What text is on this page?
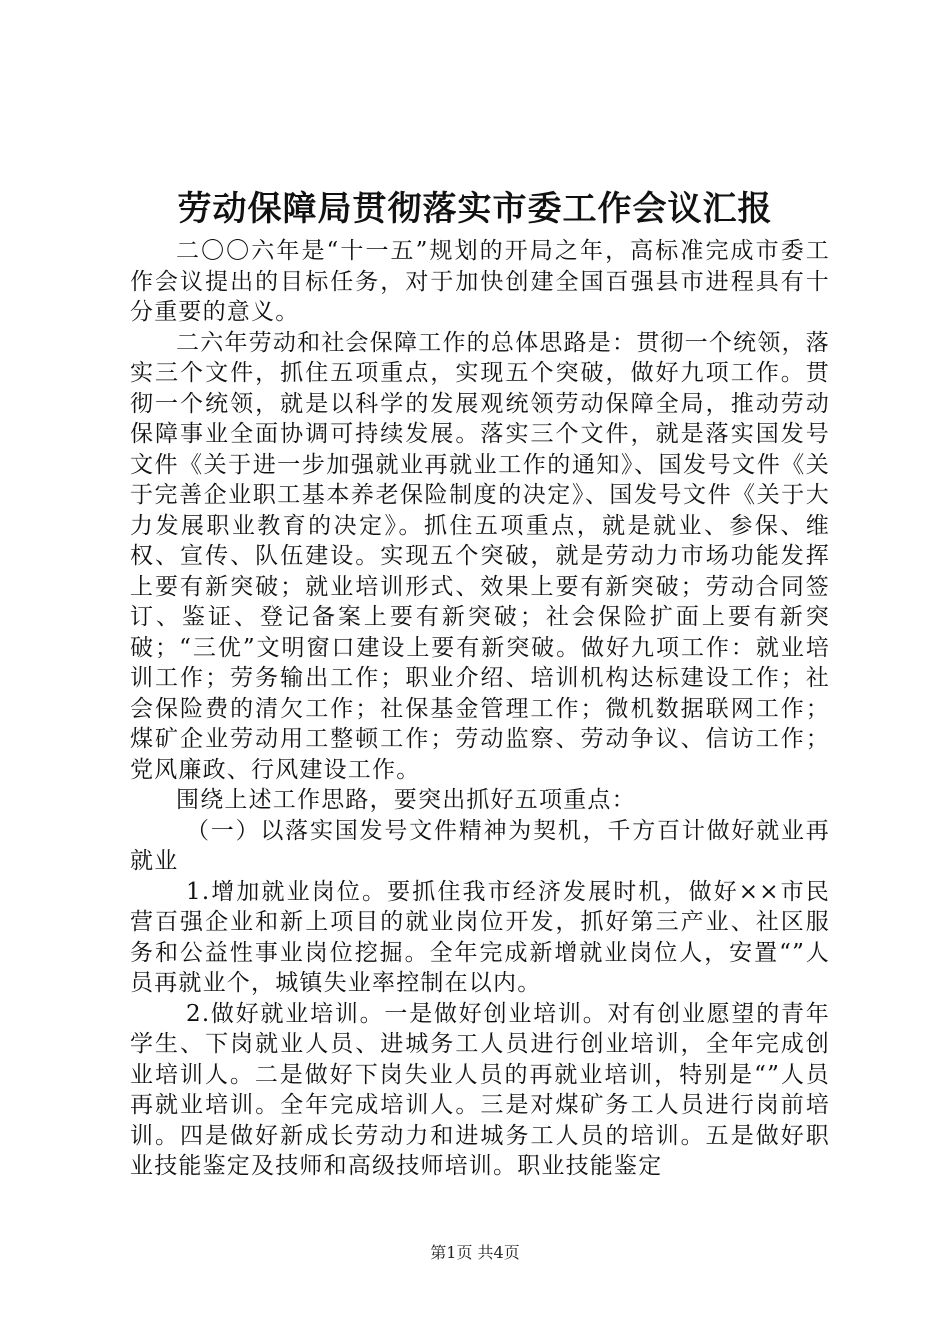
劳动保障局贯彻落实市委工作会议汇报

二〇〇六年是“十一五”规划的开局之年，高标准完成市委工作会议提出的目标任务，对于加快创建全国百强县市进程具有十分重要的意义。

二六年劳动和社会保障工作的总体思路是：贯彻一个统领，落实三个文件，抓住五项重点，实现五个突破，做好九项工作。贯彻一个统领，就是以科学的发展观统领劳动保障全局，推动劳动保障事业全面协调可持续发展。落实三个文件，就是落实国发号文件《关于进一步加强就业再就业工作的通知》、国发号文件《关于完善企业职工基本养老保险制度的决定》、国发号文件《关于大力发展职业教育的决定》。抓住五项重点，就是就业、参保、维权、宣传、队伍建设。实现五个突破，就是劳动力市场功能发挥上要有新突破；就业培训形式、效果上要有新突破；劳动合同签订、鉴证、登记备案上要有新突破；社会保险扩面上要有新突破；“三优”文明窗口建设上要有新突破。做好九项工作：就业培训工作；劳务输出工作；职业介绍、培训机构达标建设工作；社会保险费的清欠工作；社保基金管理工作；微机数据联网工作；煤矿企业劳动用工整顿工作；劳动监察、劳动争议、信访工作；党风廉政、行风建设工作。

围绕上述工作思路，要突出抓好五项重点：

（一）以落实国发号文件精神为契机，千方百计做好就业再就业

1.增加就业岗位。要抓住我市经济发展时机，做好××市民营百强企业和新上项目的就业岗位开发，抓好第三产业、社区服务和公益性事业岗位挖掘。全年完成新增就业岗位人，安置“”人员再就业个，城镇失业率控制在以内。

2.做好就业培训。一是做好创业培训。对有创业愿望的青年学生、下岗就业人员、进城务工人员进行创业培训，全年完成创业培训人。二是做好下岗失业人员的再就业培训，特别是“”人员再就业培训。全年完成培训人。三是对煤矿务工人员进行岗前培训。四是做好新成长劳动力和进城务工人员的培训。五是做好职业技能鉴定及技师和高级技师培训。职业技能鉴定

第1页 共4页
